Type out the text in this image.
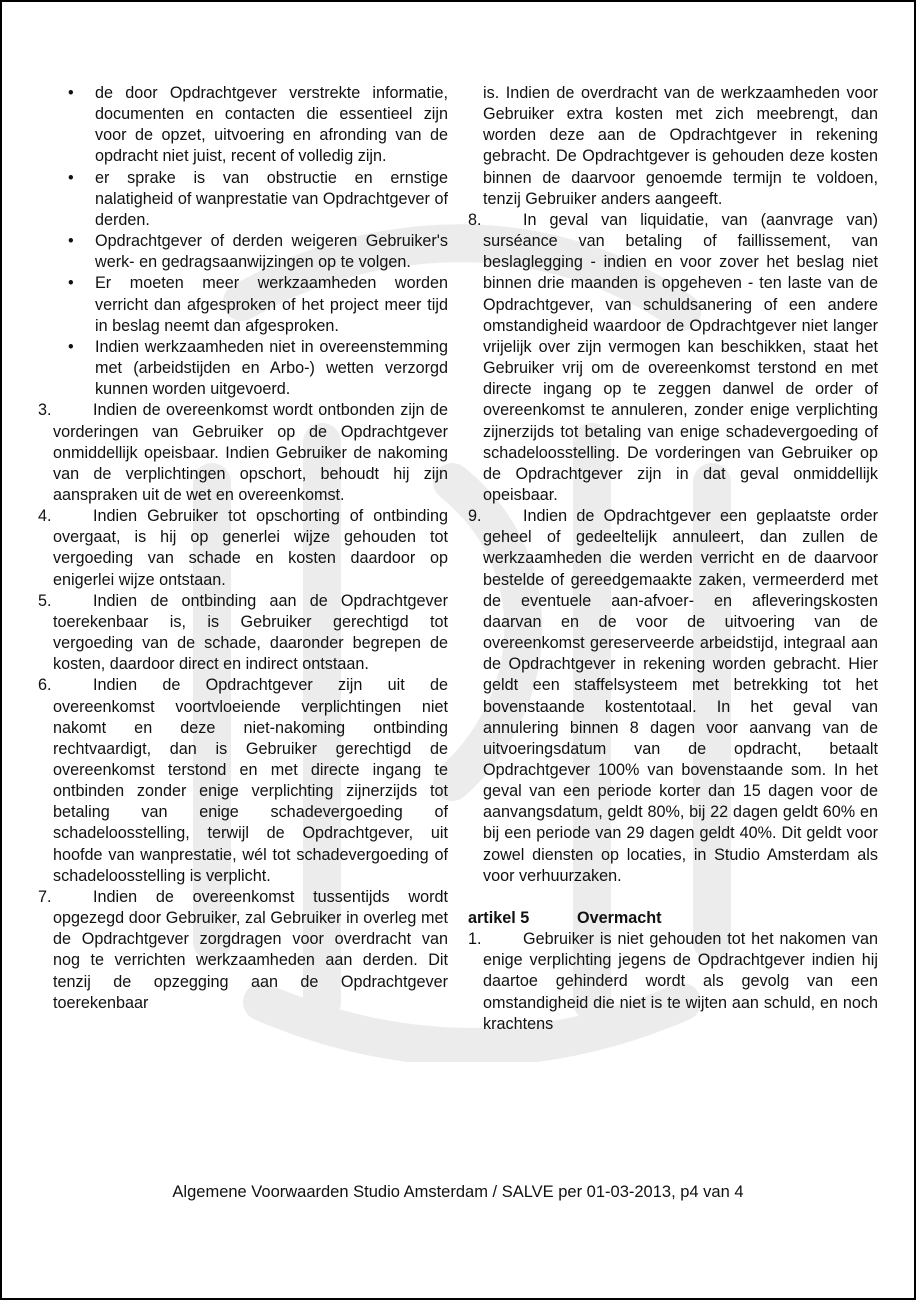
• de door Opdrachtgever verstrekte informatie, documenten en contacten die essentieel zijn voor de opzet, uitvoering en afronding van de opdracht niet juist, recent of volledig zijn.
• er sprake is van obstructie en ernstige nalatigheid of wanprestatie van Opdrachtgever of derden.
• Opdrachtgever of derden weigeren Gebruiker's werk- en gedragsaanwijzingen op te volgen.
• Er moeten meer werkzaamheden worden verricht dan afgesproken of het project meer tijd in beslag neemt dan afgesproken.
• Indien werkzaamheden niet in overeenstemming met (arbeidstijden en Arbo-) wetten verzorgd kunnen worden uitgevoerd.
3.	Indien de overeenkomst wordt ontbonden zijn de vorderingen van Gebruiker op de Opdrachtgever onmiddellijk opeisbaar. Indien Gebruiker de nakoming van de verplichtingen opschort, behoudt hij zijn aanspraken uit de wet en overeenkomst.
4.	Indien Gebruiker tot opschorting of ontbinding overgaat, is hij op generlei wijze gehouden tot vergoeding van schade en kosten daardoor op enigerlei wijze ontstaan.
5.	Indien de ontbinding aan de Opdrachtgever toerekenbaar is, is Gebruiker gerechtigd tot vergoeding van de schade, daaronder begrepen de kosten, daardoor direct en indirect ontstaan.
6.	Indien de Opdrachtgever zijn uit de overeenkomst voortvloeiende verplichtingen niet nakomt en deze niet-nakoming ontbinding rechtvaardigt, dan is Gebruiker gerechtigd de overeenkomst terstond en met directe ingang te ontbinden zonder enige verplichting zijnerzijds tot betaling van enige schadevergoeding of schadeloosstelling, terwijl de Opdrachtgever, uit hoofde van wanprestatie, wél tot schadevergoeding of schadeloosstelling is verplicht.
7.	Indien de overeenkomst tussentijds wordt opgezegd door Gebruiker, zal Gebruiker in overleg met de Opdrachtgever zorgdragen voor overdracht van nog te verrichten werkzaamheden aan derden. Dit tenzij de opzegging aan de Opdrachtgever toerekenbaar
is. Indien de overdracht van de werkzaamheden voor Gebruiker extra kosten met zich meebrengt, dan worden deze aan de Opdrachtgever in rekening gebracht. De Opdrachtgever is gehouden deze kosten binnen de daarvoor genoemde termijn te voldoen, tenzij Gebruiker anders aangeeft.
8.	In geval van liquidatie, van (aanvrage van) surséance van betaling of faillissement, van beslaglegging - indien en voor zover het beslag niet binnen drie maanden is opgeheven - ten laste van de Opdrachtgever, van schuldsanering of een andere omstandigheid waardoor de Opdrachtgever niet langer vrijelijk over zijn vermogen kan beschikken, staat het Gebruiker vrij om de overeenkomst terstond en met directe ingang op te zeggen danwel de order of overeenkomst te annuleren, zonder enige verplichting zijnerzijds tot betaling van enige schadevergoeding of schadeloosstelling. De vorderingen van Gebruiker op de Opdrachtgever zijn in dat geval onmiddellijk opeisbaar.
9.	Indien de Opdrachtgever een geplaatste order geheel of gedeeltelijk annuleert, dan zullen de werkzaamheden die werden verricht en de daarvoor bestelde of gereedgemaakte zaken, vermeerderd met de eventuele aan-afvoer- en afleveringskosten daarvan en de voor de uitvoering van de overeenkomst gereserveerde arbeidstijd, integraal aan de Opdrachtgever in rekening worden gebracht. Hier geldt een staffelsysteem met betrekking tot het bovenstaande kostentotaal. In het geval van annulering binnen 8 dagen voor aanvang van de uitvoeringsdatum van de opdracht, betaalt Opdrachtgever 100% van bovenstaande som. In het geval van een periode korter dan 15 dagen voor de aanvangsdatum, geldt 80%, bij 22 dagen geldt 60% en bij een periode van 29 dagen geldt 40%. Dit geldt voor zowel diensten op locaties, in Studio Amsterdam als voor verhuurzaken.
artikel 5	Overmacht
1.	Gebruiker is niet gehouden tot het nakomen van enige verplichting jegens de Opdrachtgever indien hij daartoe gehinderd wordt als gevolg van een omstandigheid die niet is te wijten aan schuld, en noch krachtens
Algemene Voorwaarden Studio Amsterdam / SALVE per 01-03-2013, p4 van 4
